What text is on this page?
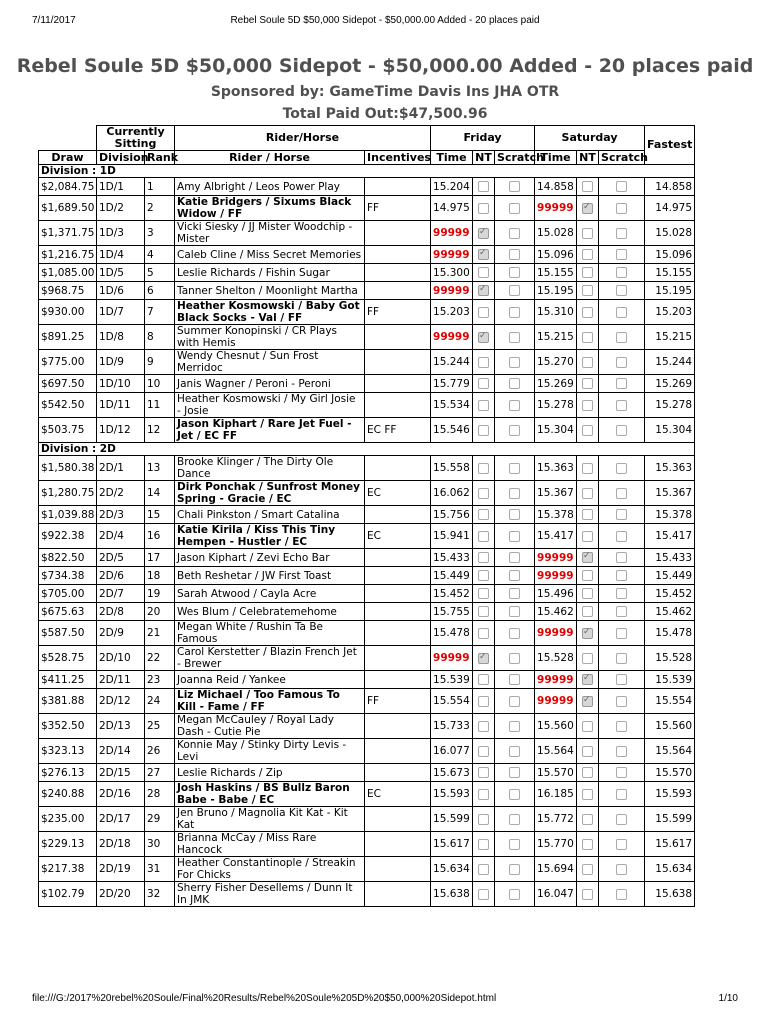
7/11/2017	Rebel Soule 5D $50,000 Sidepot - $50,000.00 Added - 20 places paid
Rebel Soule 5D $50,000 Sidepot - $50,000.00 Added - 20 places paid
Sponsored by: GameTime Davis Ins JHA OTR
Total Paid Out:$47,500.96
	Currently Sitting		Rider/Horse		Friday			Saturday			Fastest
Draw	Division	Rank	Rider / Horse	Incentives	Time	NT	Scratch	Time	NT	Scratch	
Division : 1D											
$2,084.75	1D/1	1	Amy Albright / Leos Power Play		15.204			14.858			14.858
$1,689.50	1D/2	2	Katie Bridgers / Sixums Black Widow / FF	FF	14.975			99999	✓		14.975
$1,371.75	1D/3	3	Vicki Siesky / JJ Mister Woodchip - Mister		99999	✓		15.028			15.028
$1,216.75	1D/4	4	Caleb Cline / Miss Secret Memories		99999	✓		15.096			15.096
$1,085.00	1D/5	5	Leslie Richards / Fishin Sugar		15.300			15.155			15.155
$968.75	1D/6	6	Tanner Shelton / Moonlight Martha		99999	✓		15.195			15.195
$930.00	1D/7	7	Heather Kosmowski / Baby Got Black Socks - Val / FF	FF	15.203			15.310			15.203
$891.25	1D/8	8	Summer Konopinski / CR Plays with Hemis		99999	✓		15.215			15.215
$775.00	1D/9	9	Wendy Chesnut / Sun Frost Merridoc		15.244			15.270			15.244
$697.50	1D/10	10	Janis Wagner / Peroni - Peroni		15.779			15.269			15.269
$542.50	1D/11	11	Heather Kosmowski / My Girl Josie - Josie		15.534			15.278			15.278
$503.75	1D/12	12	Jason Kiphart / Rare Jet Fuel - Jet / EC FF	EC FF	15.546			15.304			15.304
Division : 2D											
$1,580.38	2D/1	13	Brooke Klinger / The Dirty Ole Dance		15.558			15.363			15.363
$1,280.75	2D/2	14	Dirk Ponchak / Sunfrost Money Spring - Gracie / EC	EC	16.062			15.367			15.367
$1,039.88	2D/3	15	Chali Pinkston / Smart Catalina		15.756			15.378			15.378
$922.38	2D/4	16	Katie Kirila / Kiss This Tiny Hempen - Hustler / EC	EC	15.941			15.417			15.417
$822.50	2D/5	17	Jason Kiphart / Zevi Echo Bar		15.433			99999	✓		15.433
$734.38	2D/6	18	Beth Reshetar / JW First Toast		15.449			99999			15.449
$705.00	2D/7	19	Sarah Atwood / Cayla Acre		15.452			15.496			15.452
$675.63	2D/8	20	Wes Blum / Celebratemehome		15.755			15.462			15.462
$587.50	2D/9	21	Megan White / Rushin Ta Be Famous		15.478			99999	✓		15.478
$528.75	2D/10	22	Carol Kerstetter / Blazin French Jet - Brewer		99999	✓		15.528			15.528
$411.25	2D/11	23	Joanna Reid / Yankee		15.539			99999	✓		15.539
$381.88	2D/12	24	Liz Michael / Too Famous To Kill - Fame / FF	FF	15.554			99999	✓		15.554
$352.50	2D/13	25	Megan McCauley / Royal Lady Dash - Cutie Pie		15.733			15.560			15.560
$323.13	2D/14	26	Konnie May / Stinky Dirty Levis - Levi		16.077			15.564			15.564
$276.13	2D/15	27	Leslie Richards / Zip		15.673			15.570			15.570
$240.88	2D/16	28	Josh Haskins / BS Bullz Baron Babe - Babe / EC	EC	15.593			16.185			15.593
$235.00	2D/17	29	Jen Bruno / Magnolia Kit Kat - Kit Kat		15.599			15.772			15.599
$229.13	2D/18	30	Brianna McCay / Miss Rare Hancock		15.617			15.770			15.617
$217.38	2D/19	31	Heather Constantinople / Streakin For Chicks		15.634			15.694			15.634
$102.79	2D/20	32	Sherry Fisher Desellems / Dunn It In JMK		15.638			16.047			15.638
file:///G:/2017%20rebel%20Soule/Final%20Results/Rebel%20Soule%205D%20$50,000%20Sidepot.html	1/10
